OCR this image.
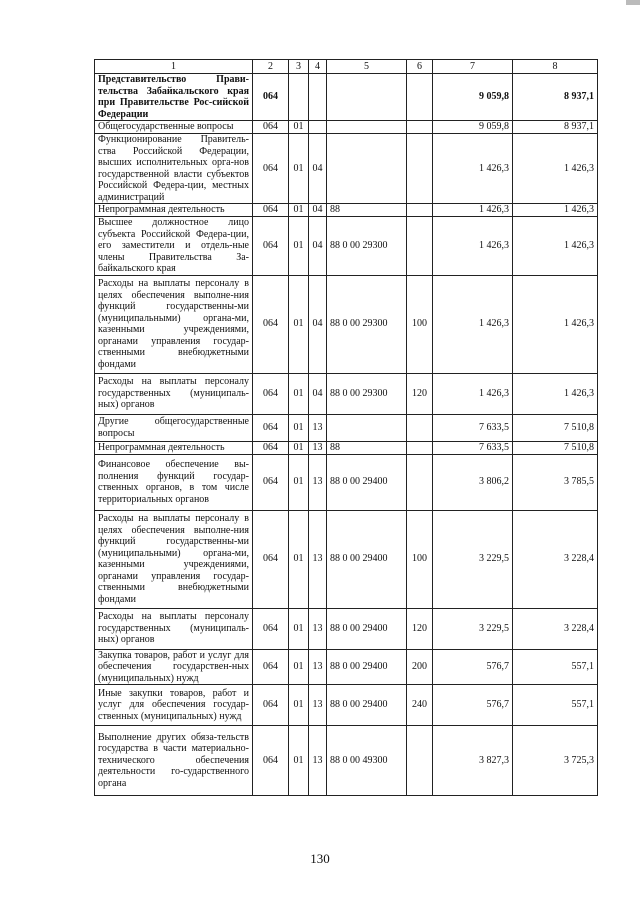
1	2	3	4	5	6	7	8
Представительство Прави-тельства Забайкальского края при Правительстве Рос-сийской Федерации	064					9 059,8	8 937,1
Общегосударственные вопросы	064	01				9 059,8	8 937,1
Функционирование Правитель-ства Российской Федерации, высших исполнительных орга-нов государственной власти субъектов Российской Федера-ции, местных администраций	064	01	04			1 426,3	1 426,3
Непрограммная деятельность	064	01	04	88		1 426,3	1 426,3
Высшее должностное лицо субъекта Российской Федера-ции, его заместители и отдель-ные члены Правительства За-байкальского края	064	01	04	88 0 00 29300		1 426,3	1 426,3
Расходы на выплаты персоналу в целях обеспечения выполне-ния функций государственны-ми (муниципальными) органа-ми, казенными учреждениями, органами управления государ-ственными внебюджетными фондами	064	01	04	88 0 00 29300	100	1 426,3	1 426,3
Расходы на выплаты персоналу государственных (муниципаль-ных) органов	064	01	04	88 0 00 29300	120	1 426,3	1 426,3
Другие общегосударственные вопросы	064	01	13			7 633,5	7 510,8
Непрограммная деятельность	064	01	13	88		7 633,5	7 510,8
Финансовое обеспечение вы-полнения функций государ-ственных органов, в том числе территориальных органов	064	01	13	88 0 00 29400		3 806,2	3 785,5
Расходы на выплаты персоналу в целях обеспечения выполне-ния функций государственны-ми (муниципальными) органа-ми, казенными учреждениями, органами управления государ-ственными внебюджетными фондами	064	01	13	88 0 00 29400	100	3 229,5	3 228,4
Расходы на выплаты персоналу государственных (муниципаль-ных) органов	064	01	13	88 0 00 29400	120	3 229,5	3 228,4
Закупка товаров, работ и услуг для обеспечения государствен-ных (муниципальных) нужд	064	01	13	88 0 00 29400	200	576,7	557,1
Иные закупки товаров, работ и услуг для обеспечения государ-ственных (муниципальных) нужд	064	01	13	88 0 00 29400	240	576,7	557,1
Выполнение других обяза-тельств государства в части материально-технического обеспечения деятельности го-сударственного органа	064	01	13	88 0 00 49300		3 827,3	3 725,3
130
